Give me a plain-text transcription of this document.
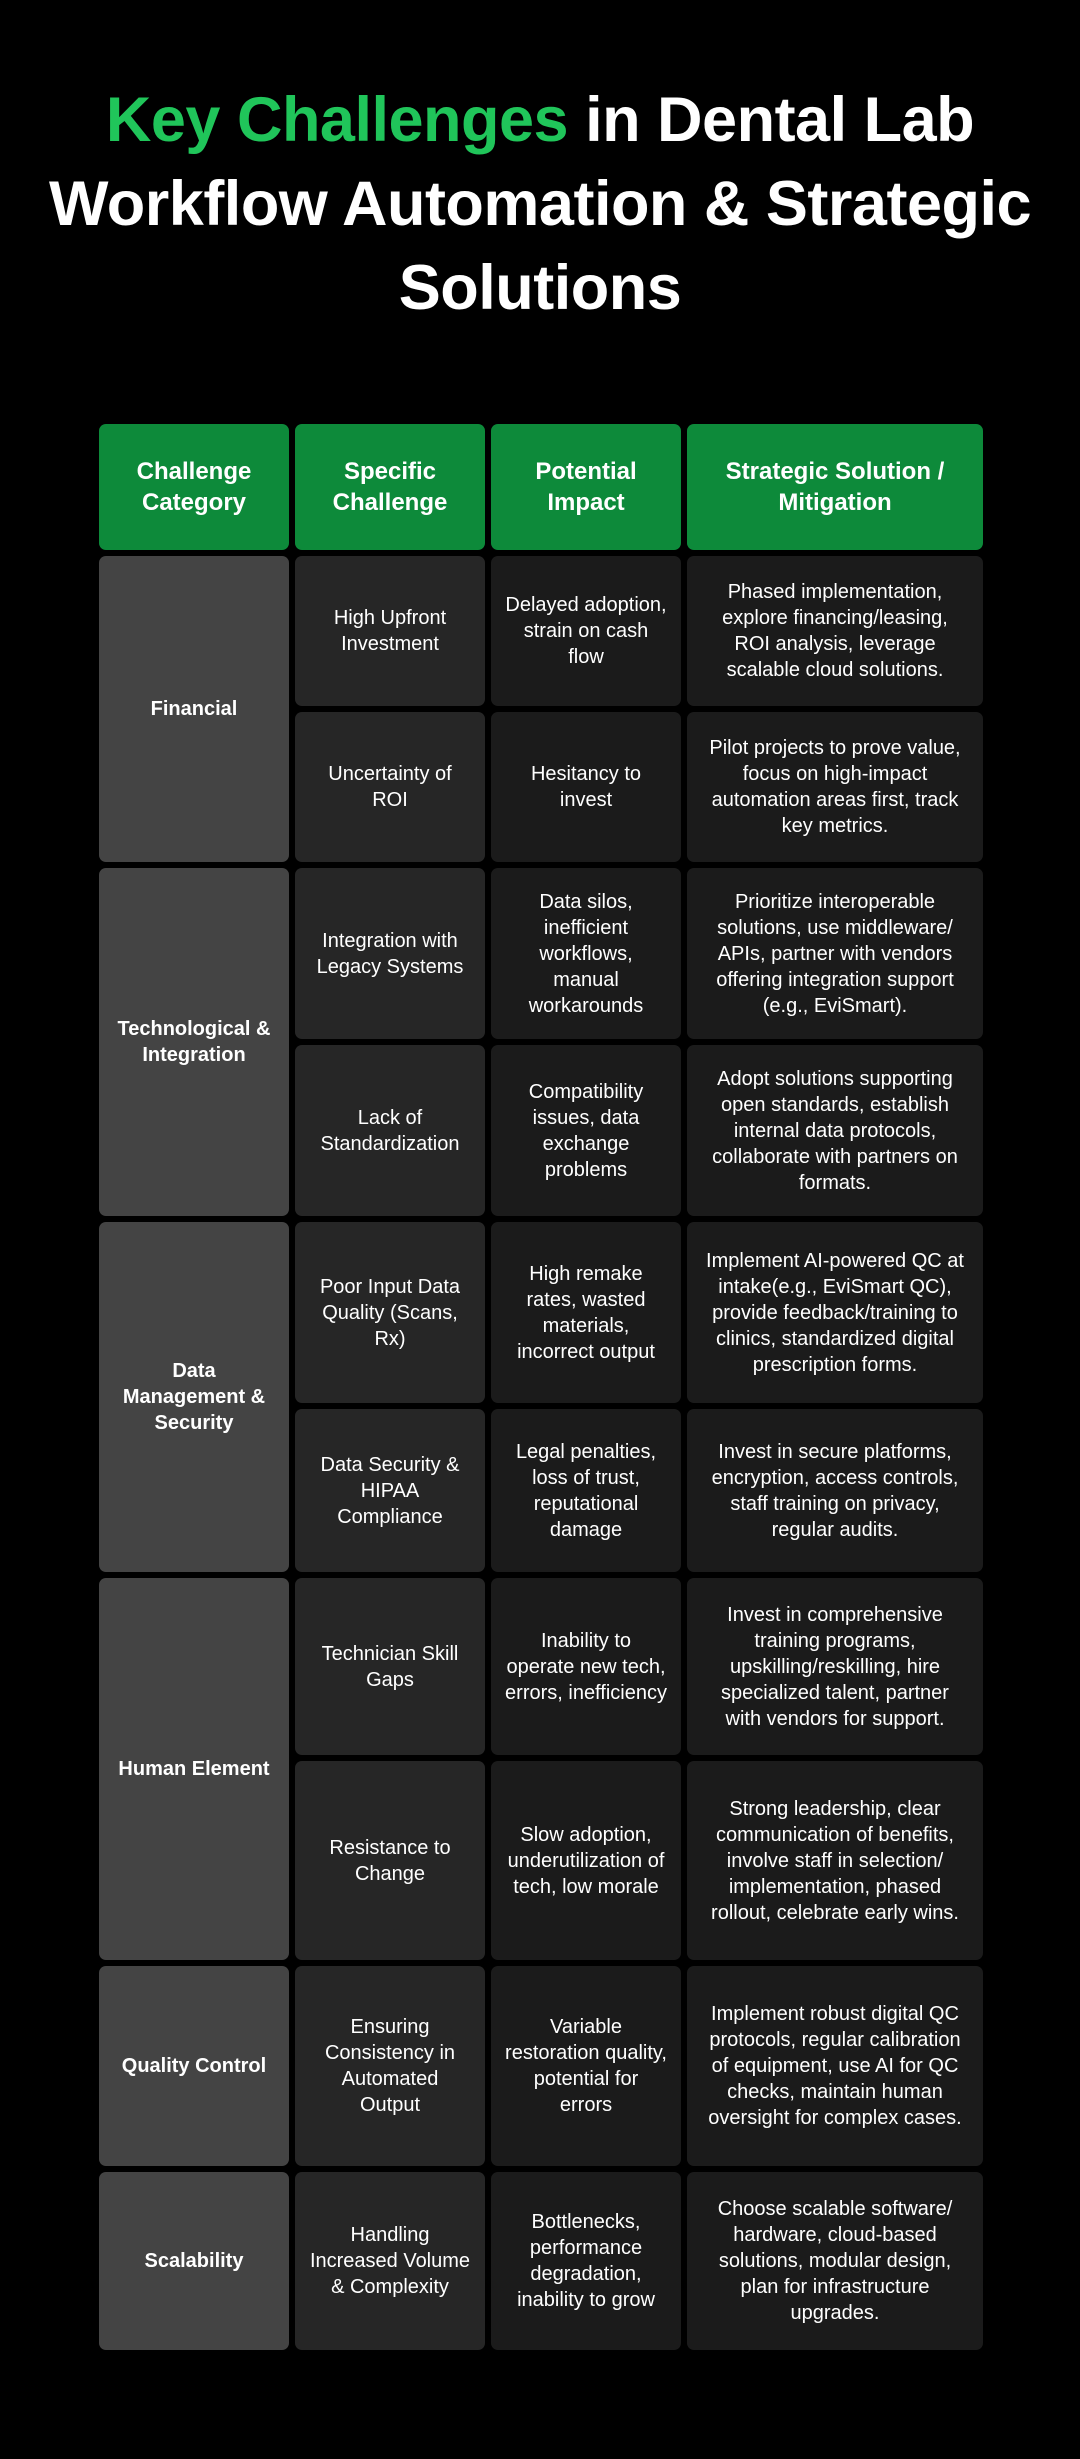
Key Challenges in Dental Lab Workflow Automation & Strategic Solutions
Challenge Category
Specific Challenge
Potential Impact
Strategic Solution / Mitigation
Financial
Technological & Integration
Data Management & Security
Human Element
Quality Control
Scalability
High Upfront Investment
Delayed adoption, strain on cash flow
Phased implementation, explore financing/leasing, ROI analysis, leverage scalable cloud solutions.
Uncertainty of ROI
Hesitancy to invest
Pilot projects to prove value, focus on high-impact automation areas first, track key metrics.
Integration with Legacy Systems
Data silos, inefficient workflows, manual workarounds
Prioritize interoperable solutions, use middleware/ APIs, partner with vendors offering integration support (e.g., EviSmart).
Lack of Standardization
Compatibility issues, data exchange problems
Adopt solutions supporting open standards, establish internal data protocols, collaborate with partners on formats.
Poor Input Data Quality (Scans, Rx)
High remake rates, wasted materials, incorrect output
Implement AI-powered QC at intake(e.g., EviSmart QC), provide feedback/training to clinics, standardized digital prescription forms.
Data Security & HIPAA Compliance
Legal penalties, loss of trust, reputational damage
Invest in secure platforms, encryption, access controls, staff training on privacy, regular audits.
Technician Skill Gaps
Inability to operate new tech, errors, inefficiency
Invest in comprehensive training programs, upskilling/reskilling, hire specialized talent, partner with vendors for support.
Resistance to Change
Slow adoption, underutilization of tech, low morale
Strong leadership, clear communication of benefits, involve staff in selection/ implementation, phased rollout, celebrate early wins.
Ensuring Consistency in Automated Output
Variable restoration quality, potential for errors
Implement robust digital QC protocols, regular calibration of equipment, use AI for QC checks, maintain human oversight for complex cases.
Handling Increased Volume & Complexity
Bottlenecks, performance degradation, inability to grow
Choose scalable software/ hardware, cloud-based solutions, modular design, plan for infrastructure upgrades.
